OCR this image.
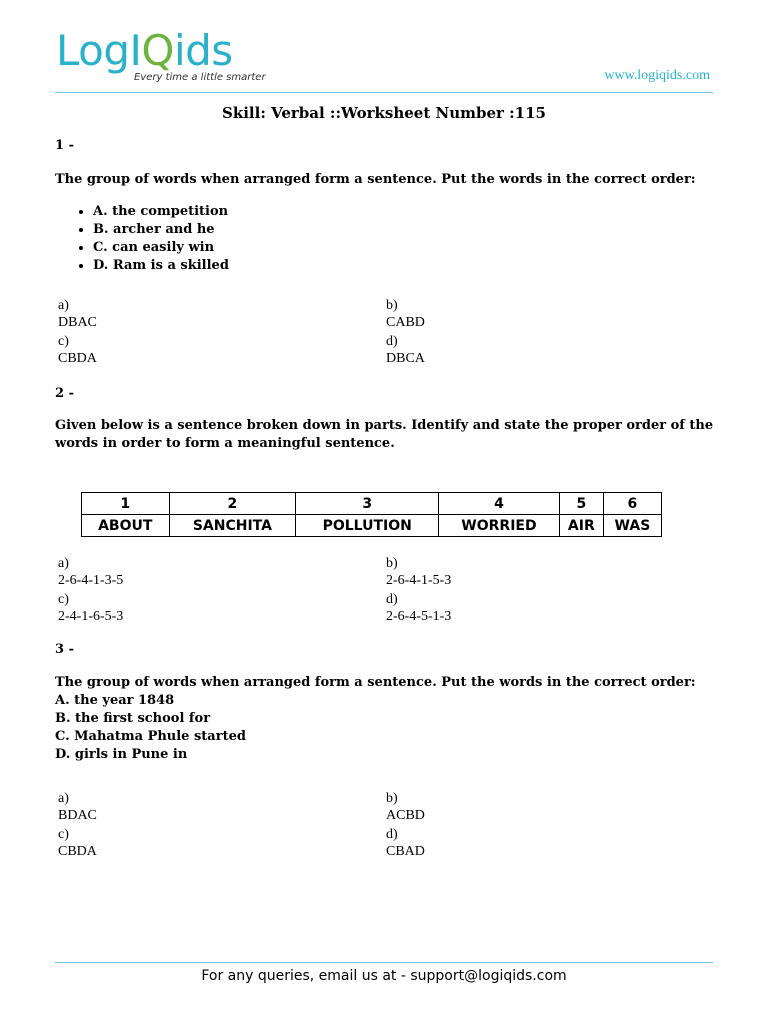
LogIQids
Every time a little smarter	www.logiqids.com
Skill: Verbal ::Worksheet Number :115
1 -
The group of words when arranged form a sentence. Put the words in the correct order:
• A. the competition
• B. archer and he
• C. can easily win
• D. Ram is a skilled
a)
DBAC
b)
CABD
c)
CBDA
d)
DBCA
2 -
Given below is a sentence broken down in parts. Identify and state the proper order of the words in order to form a meaningful sentence.
1	2	3	4	5	6
ABOUT	SANCHITA	POLLUTION	WORRIED	AIR	WAS
a)
2-6-4-1-3-5
b)
2-6-4-1-5-3
c)
2-4-1-6-5-3
d)
2-6-4-5-1-3
3 -
The group of words when arranged form a sentence. Put the words in the correct order:
A. the year 1848
B. the first school for
C. Mahatma Phule started
D. girls in Pune in
a)
BDAC
b)
ACBD
c)
CBDA
d)
CBAD
For any queries, email us at - support@logiqids.com
